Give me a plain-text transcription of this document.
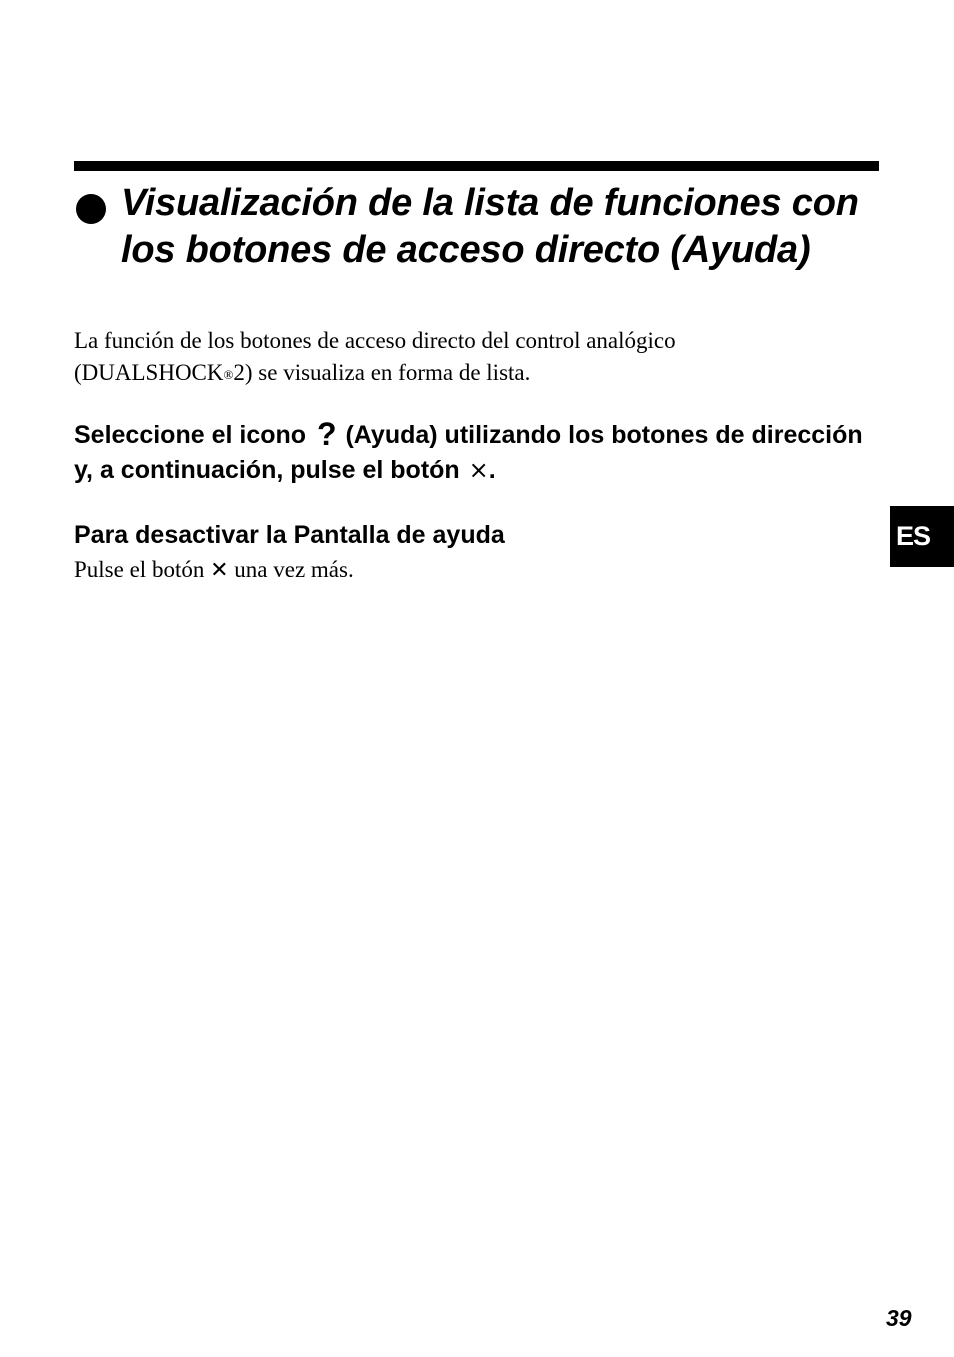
Visualización de la lista de funciones con los botones de acceso directo (Ayuda)

La función de los botones de acceso directo del control analógico (DUALSHOCK®2) se visualiza en forma de lista.

Seleccione el icono ? (Ayuda) utilizando los botones de dirección y, a continuación, pulse el botón ×.

Para desactivar la Pantalla de ayuda

Pulse el botón ✕ una vez más.

ES
39
